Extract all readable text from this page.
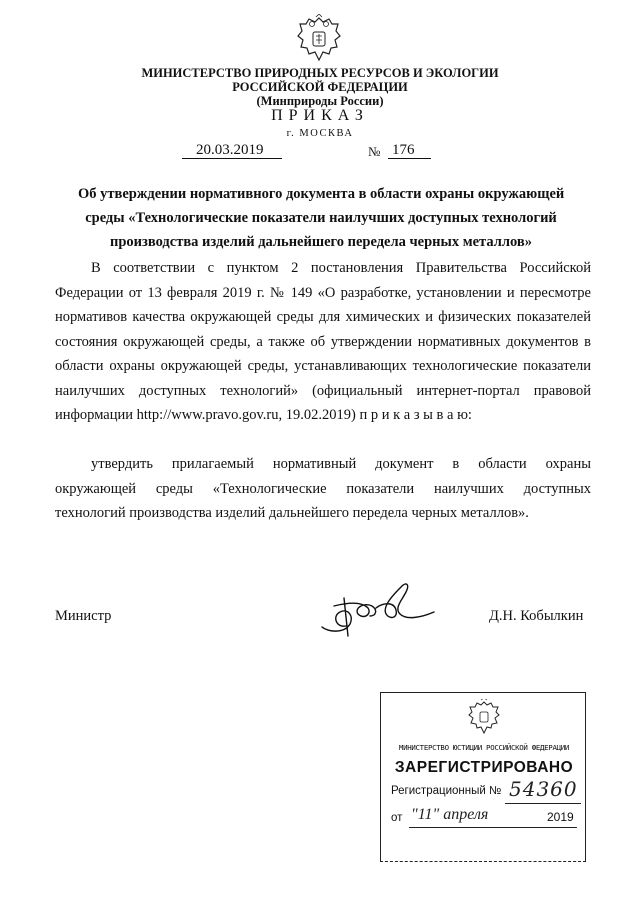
МИНИСТЕРСТВО ПРИРОДНЫХ РЕСУРСОВ И ЭКОЛОГИИ
РОССИЙСКОЙ ФЕДЕРАЦИИ
(Минприроды России)
ПРИКАЗ
г. МОСКВА
20.03.2019	№ 176
Об утверждении нормативного документа в области охраны окружающей
среды «Технологические показатели наилучших доступных технологий
производства изделий дальнейшего передела черных металлов»
В соответствии с пунктом 2 постановления Правительства Российской
Федерации от 13 февраля 2019 г. № 149 «О разработке, установлении и пересмотре
нормативов качества окружающей среды для химических и физических показателей
состояния окружающей среды, а также об утверждении нормативных документов в
области охраны окружающей среды, устанавливающих технологические показатели
наилучших доступных технологий» (официальный интернет-портал правовой
информации http://www.pravo.gov.ru, 19.02.2019) п р и к а з ы в а ю:
утвердить прилагаемый нормативный документ в области охраны
окружающей среды «Технологические показатели наилучших доступных
технологий производства изделий дальнейшего передела черных металлов».
Министр	Д.Н. Кобылкин
МИНИСТЕРСТВО ЮСТИЦИИ РОССИЙСКОЙ ФЕДЕРАЦИИ
ЗАРЕГИСТРИРОВАНО
Регистрационный № 54360
от "11" апреля	2019
